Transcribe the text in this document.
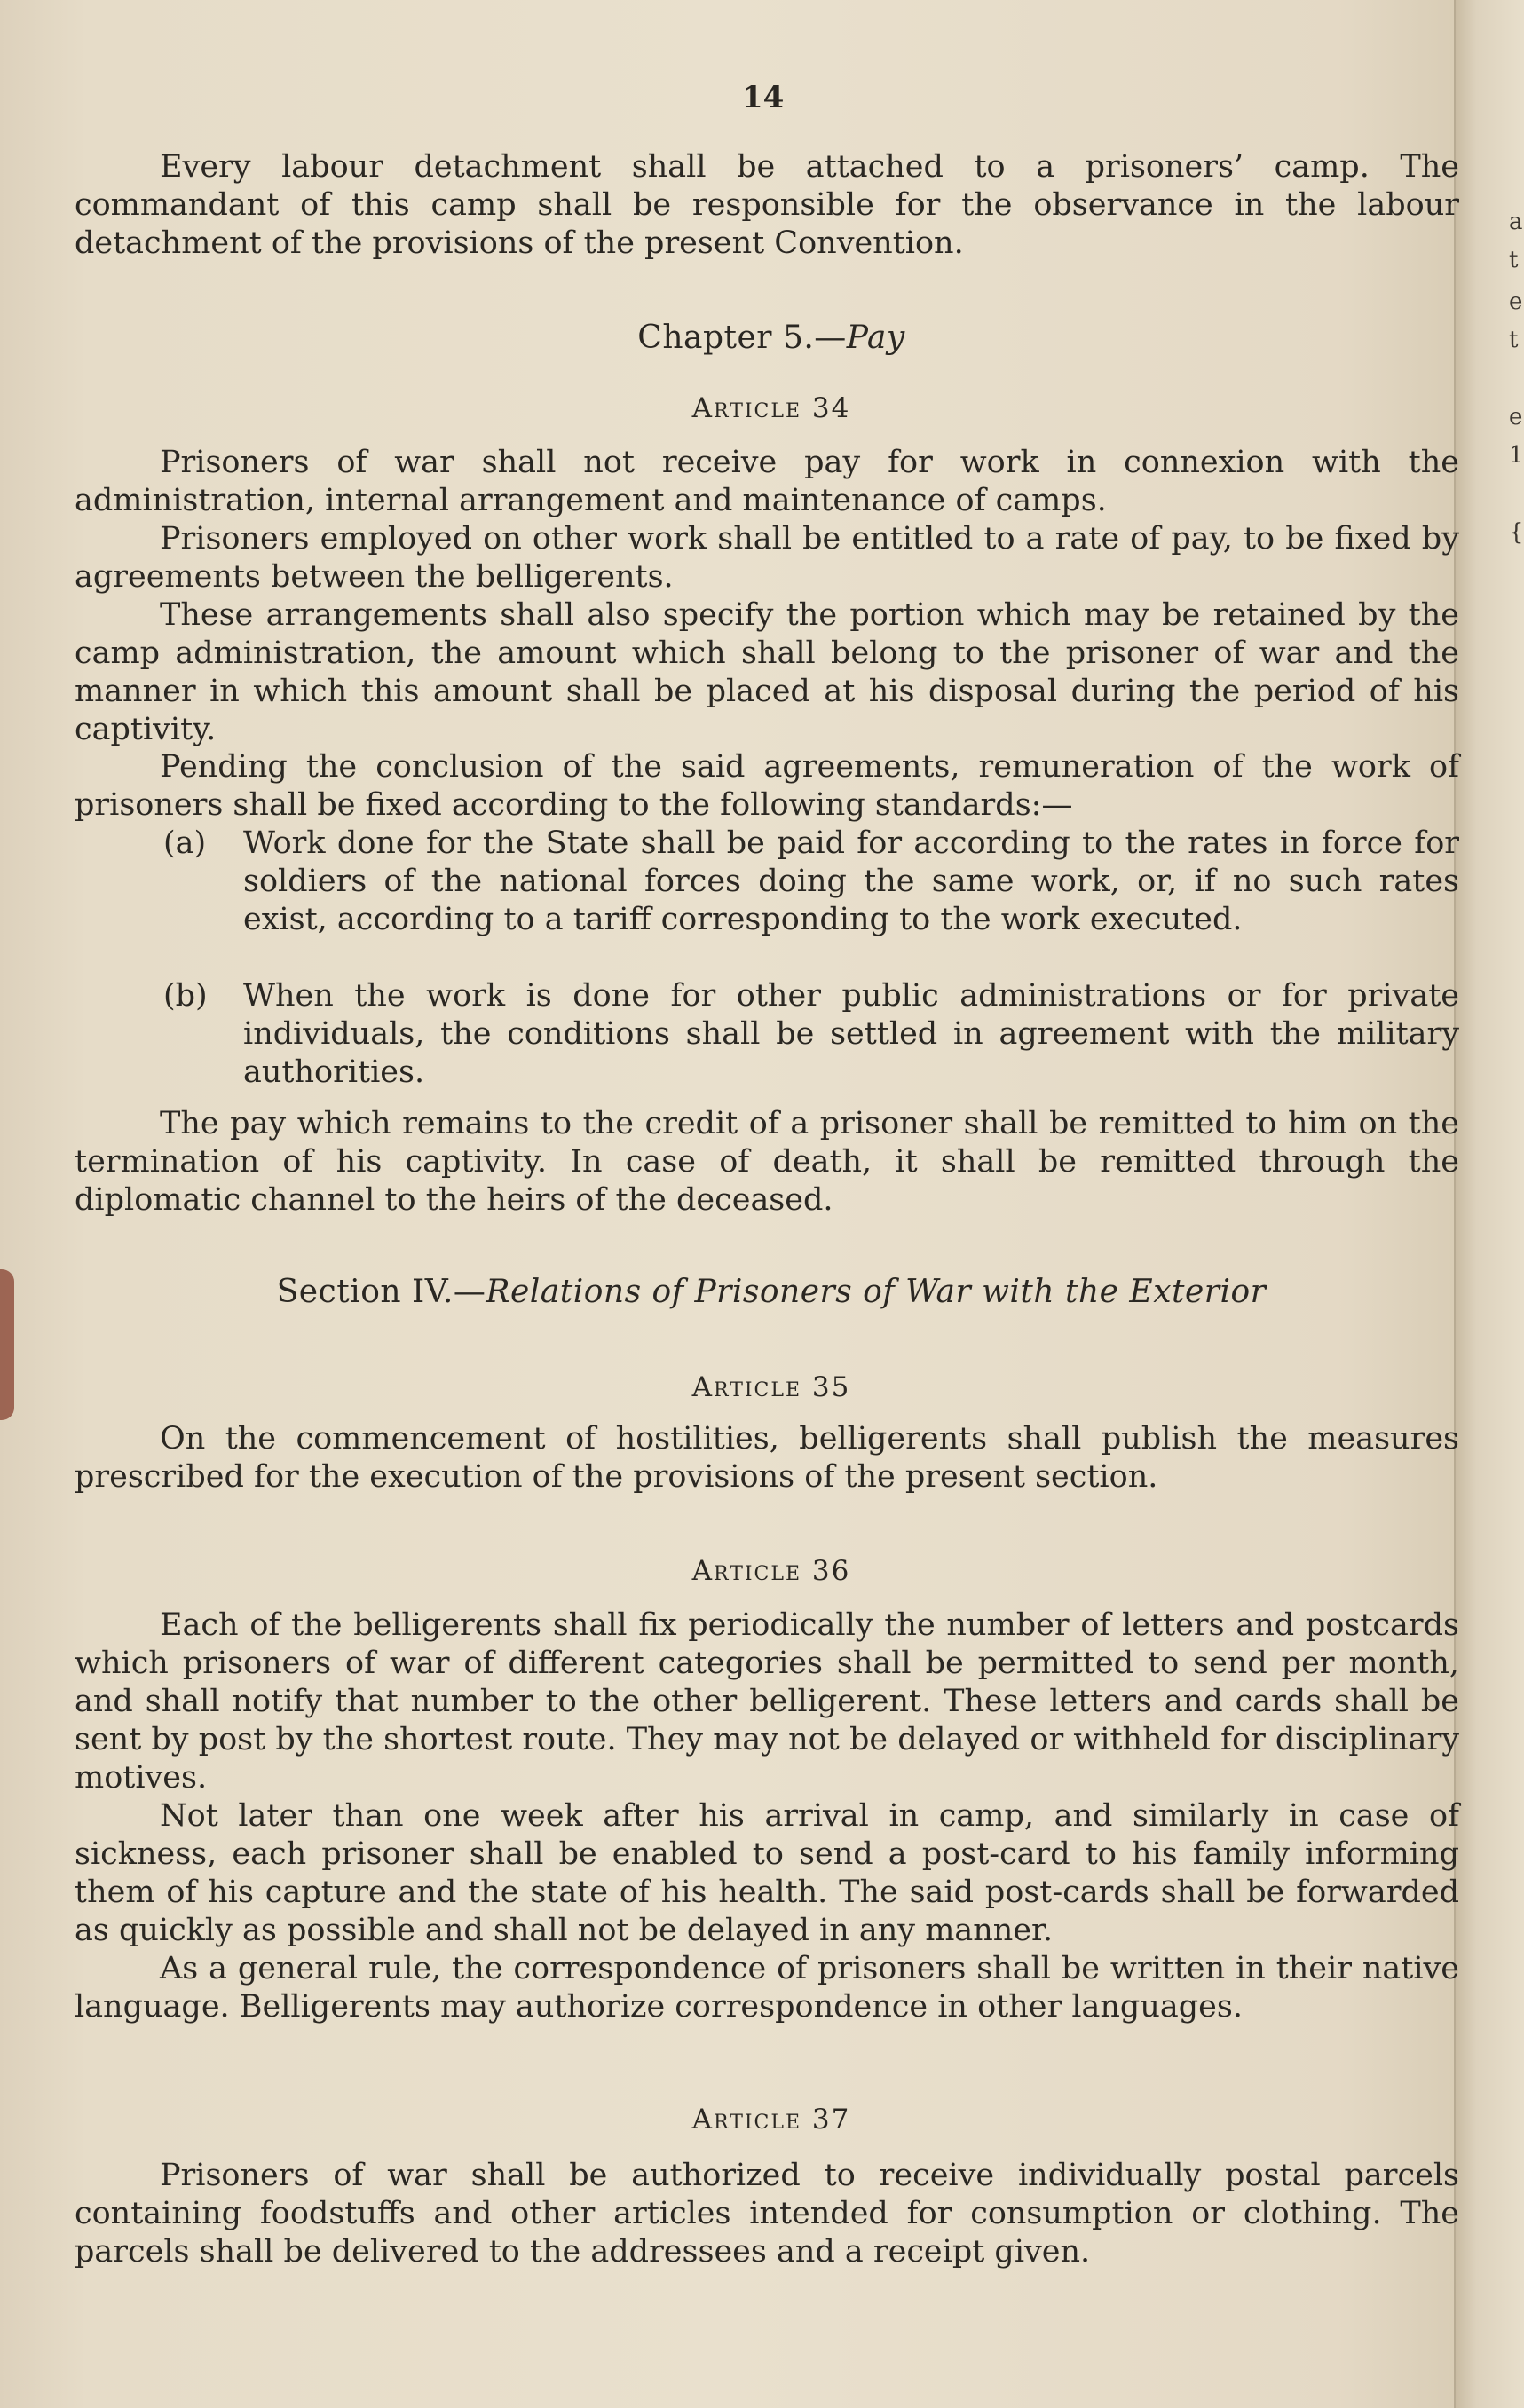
a
t
e
t
e
1
{
14
Every labour detachment shall be attached to a prisoners’ camp. The commandant of this camp shall be responsible for the observance in the labour detachment of the provisions of the present Convention.
Chapter 5.—Pay
Article 34
Prisoners of war shall not receive pay for work in connexion with the administration, internal arrangement and maintenance of camps.
Prisoners employed on other work shall be entitled to a rate of pay, to be fixed by agreements between the belligerents.
These arrangements shall also specify the portion which may be retained by the camp administration, the amount which shall belong to the prisoner of war and the manner in which this amount shall be placed at his disposal during the period of his captivity.
Pending the conclusion of the said agreements, remuneration of the work of prisoners shall be fixed according to the following standards:—
(a) Work done for the State shall be paid for according to the rates in force for soldiers of the national forces doing the same work, or, if no such rates exist, according to a tariff corresponding to the work executed.
(b) When the work is done for other public administrations or for private individuals, the conditions shall be settled in agreement with the military authorities.
The pay which remains to the credit of a prisoner shall be remitted to him on the termination of his captivity. In case of death, it shall be remitted through the diplomatic channel to the heirs of the deceased.
Section IV.—Relations of Prisoners of War with the Exterior
Article 35
On the commencement of hostilities, belligerents shall publish the measures prescribed for the execution of the provisions of the present section.
Article 36
Each of the belligerents shall fix periodically the number of letters and postcards which prisoners of war of different categories shall be permitted to send per month, and shall notify that number to the other belligerent. These letters and cards shall be sent by post by the shortest route. They may not be delayed or withheld for disciplinary motives.
Not later than one week after his arrival in camp, and similarly in case of sickness, each prisoner shall be enabled to send a post-card to his family informing them of his capture and the state of his health. The said post-cards shall be forwarded as quickly as possible and shall not be delayed in any manner.
As a general rule, the correspondence of prisoners shall be written in their native language. Belligerents may authorize correspondence in other languages.
Article 37
Prisoners of war shall be authorized to receive individually postal parcels containing foodstuffs and other articles intended for consumption or clothing. The parcels shall be delivered to the addressees and a receipt given.
